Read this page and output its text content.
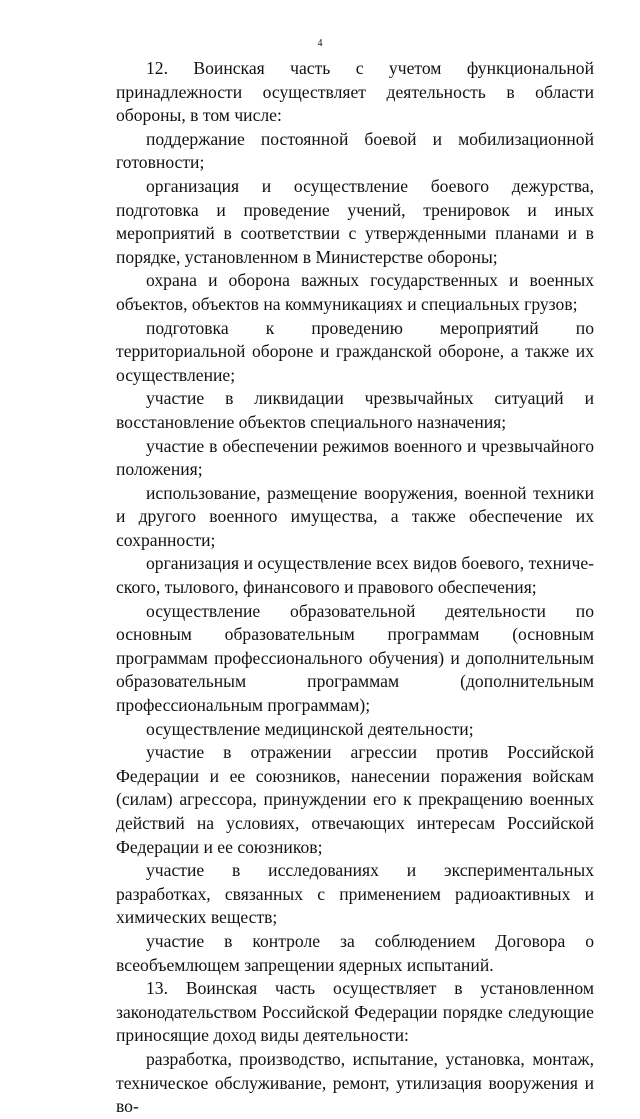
4

12. Воинская часть с учетом функциональной принадлежности осуществляет деятельность в области обороны, в том числе:

поддержание постоянной боевой и мобилизационной готовности;

организация и осуществление боевого дежурства, подготовка и проведение учений, тренировок и иных мероприятий в соответствии с утвержденными планами и в порядке, установленном в Министерстве обороны;

охрана и оборона важных государственных и военных объектов, объектов на коммуникациях и специальных грузов;

подготовка к проведению мероприятий по территориальной обороне и гражданской обороне, а также их осуществление;

участие в ликвидации чрезвычайных ситуаций и восстановление объектов специального назначения;

участие в обеспечении режимов военного и чрезвычайного положения;

использование, размещение вооружения, военной техники и другого военного имущества, а также обеспечение их сохранности;

организация и осуществление всех видов боевого, технического, тылового, финансового и правового обеспечения;

осуществление образовательной деятельности по основным образовательным программам (основным программам профессионального обучения) и дополнительным образовательным программам (дополнительным профессиональным программам);

осуществление медицинской деятельности;

участие в отражении агрессии против Российской Федерации и ее союзников, нанесении поражения войскам (силам) агрессора, принуждении его к прекращению военных действий на условиях, отвечающих интересам Российской Федерации и ее союзников;

участие в исследованиях и экспериментальных разработках, связанных с применением радиоактивных и химических веществ;

участие в контроле за соблюдением Договора о всеобъемлющем запрещении ядерных испытаний.

13. Воинская часть осуществляет в установленном законодательством Российской Федерации порядке следующие приносящие доход виды деятельности:

разработка, производство, испытание, установка, монтаж, техническое обслуживание, ремонт, утилизация вооружения и во-
